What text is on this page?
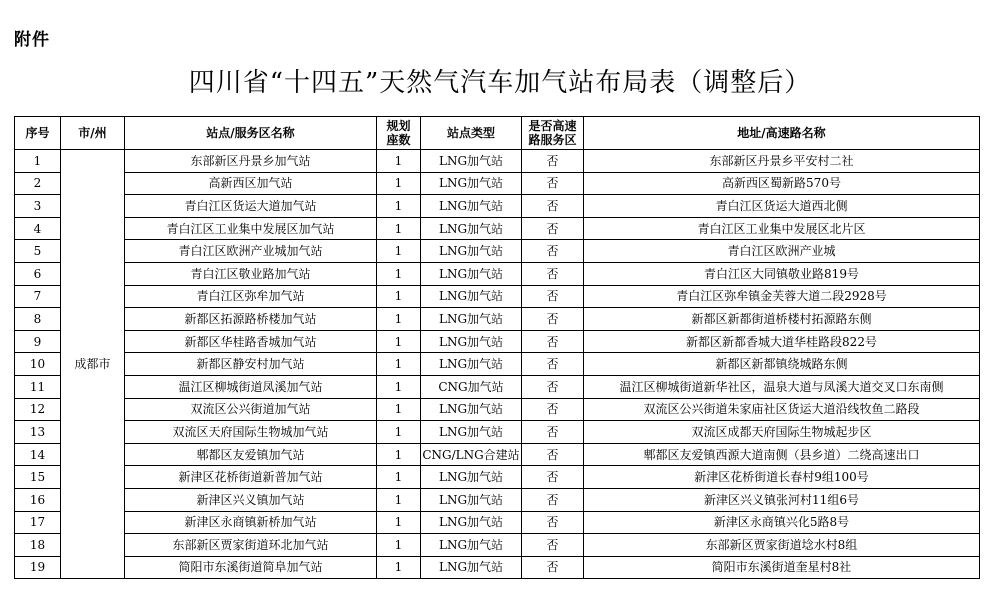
附件
四川省“十四五”天然气汽车加气站布局表（调整后）
序号	市/州	站点/服务区名称	规划座数	站点类型	是否高速路服务区	地址/高速路名称
1	成都市	东部新区丹景乡加气站	1	LNG加气站	否	东部新区丹景乡平安村二社
2		高新西区加气站	1	LNG加气站	否	高新西区蜀新路570号
3		青白江区货运大道加气站	1	LNG加气站	否	青白江区货运大道西北侧
4		青白江区工业集中发展区加气站	1	LNG加气站	否	青白江区工业集中发展区北片区
5		青白江区欧洲产业城加气站	1	LNG加气站	否	青白江区欧洲产业城
6		青白江区敬业路加气站	1	LNG加气站	否	青白江区大同镇敬业路819号
7		青白江区弥牟加气站	1	LNG加气站	否	青白江区弥牟镇金芙蓉大道二段2928号
8		新都区拓源路桥楼加气站	1	LNG加气站	否	新都区新都街道桥楼村拓源路东侧
9		新都区华桂路香城加气站	1	LNG加气站	否	新都区新都香城大道华桂路段822号
10		新都区静安村加气站	1	LNG加气站	否	新都区新都镇绕城路东侧
11		温江区柳城街道凤溪加气站	1	CNG加气站	否	温江区柳城街道新华社区，温泉大道与凤溪大道交叉口东南侧
12		双流区公兴街道加气站	1	LNG加气站	否	双流区公兴街道朱家庙社区货运大道沿线牧鱼二路段
13		双流区天府国际生物城加气站	1	LNG加气站	否	双流区成都天府国际生物城起步区
14		郫都区友爱镇加气站	1	CNG/LNG合建站	否	郫都区友爱镇西源大道南侧（县乡道）二绕高速出口
15		新津区花桥街道新普加气站	1	LNG加气站	否	新津区花桥街道长春村9组100号
16		新津区兴义镇加气站	1	LNG加气站	否	新津区兴义镇张河村11组6号
17		新津区永商镇新桥加气站	1	LNG加气站	否	新津区永商镇兴化5路8号
18		东部新区贾家街道环北加气站	1	LNG加气站	否	东部新区贾家街道埝水村8组
19		简阳市东溪街道简阜加气站	1	LNG加气站	否	简阳市东溪街道奎星村8社
